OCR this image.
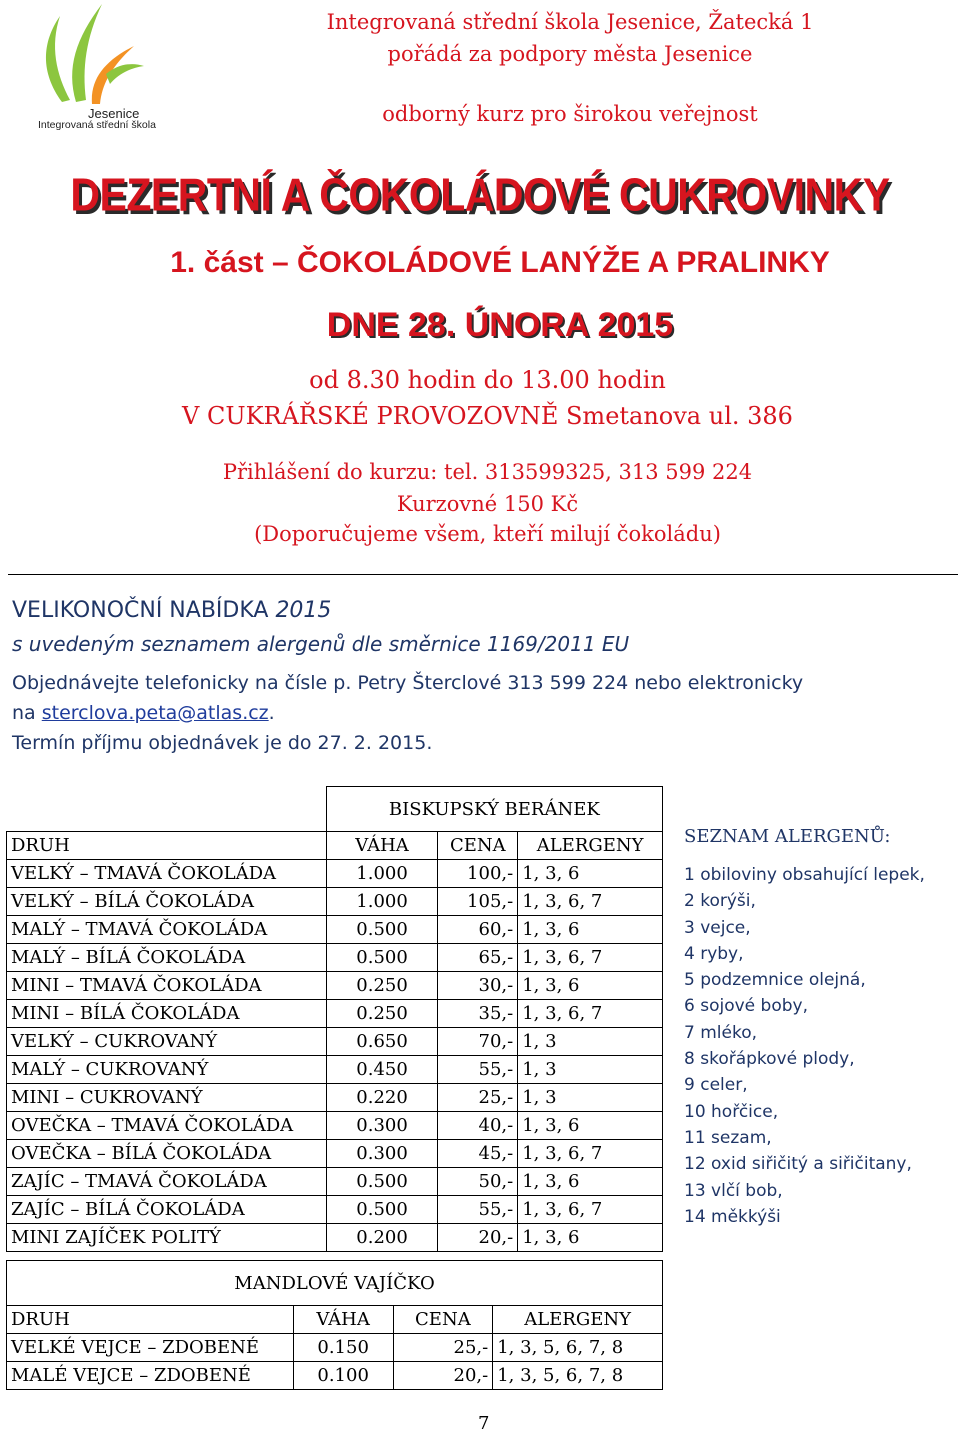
Jesenice
Integrovaná střední škola
Integrovaná střední škola Jesenice, Žatecká 1
pořádá za podpory města Jesenice
odborný kurz pro širokou veřejnost
DEZERTNÍ A ČOKOLÁDOVÉ CUKROVINKY
1. část – ČOKOLÁDOVÉ LANÝŽE A PRALINKY
DNE 28. ÚNORA 2015
od 8.30 hodin do 13.00 hodin
V CUKRÁŘSKÉ PROVOZOVNĚ Smetanova ul. 386
Přihlášení do kurzu: tel. 313599325, 313 599 224
Kurzovné 150 Kč
(Doporučujeme všem, kteří milují čokoládu)
VELIKONOČNÍ NABÍDKA 2015
s uvedeným seznamem alergenů dle směrnice 1169/2011 EU
Objednávejte telefonicky na čísle p. Petry Šterclové 313 599 224 nebo elektronicky
na sterclova.peta@atlas.cz.
Termín příjmu objednávek je do 27. 2. 2015.
	BISKUPSKÝ BERÁNEK		
DRUH	VÁHA	CENA	ALERGENY
VELKÝ – TMAVÁ ČOKOLÁDA	1.000	100,-	1, 3, 6
VELKÝ – BÍLÁ ČOKOLÁDA	1.000	105,-	1, 3, 6, 7
MALÝ – TMAVÁ ČOKOLÁDA	0.500	60,-	1, 3, 6
MALÝ – BÍLÁ ČOKOLÁDA	0.500	65,-	1, 3, 6, 7
MINI – TMAVÁ ČOKOLÁDA	0.250	30,-	1, 3, 6
MINI – BÍLÁ ČOKOLÁDA	0.250	35,-	1, 3, 6, 7
VELKÝ – CUKROVANÝ	0.650	70,-	1, 3
MALÝ – CUKROVANÝ	0.450	55,-	1, 3
MINI – CUKROVANÝ	0.220	25,-	1, 3
OVEČKA – TMAVÁ ČOKOLÁDA	0.300	40,-	1, 3, 6
OVEČKA – BÍLÁ ČOKOLÁDA	0.300	45,-	1, 3, 6, 7
ZAJÍC – TMAVÁ ČOKOLÁDA	0.500	50,-	1, 3, 6
ZAJÍC – BÍLÁ ČOKOLÁDA	0.500	55,-	1, 3, 6, 7
MINI ZAJÍČEK POLITÝ	0.200	20,-	1, 3, 6
SEZNAM ALERGENŮ:
1 obiloviny obsahující lepek,
2 korýši,
3 vejce,
4 ryby,
5 podzemnice olejná,
6 sojové boby,
7 mléko,
8 skořápkové plody,
9 celer,
10 hořčice,
11 sezam,
12 oxid siřičitý a siřičitany,
13 vlčí bob,
14 měkkýši
MANDLOVÉ VAJÍČKO			
DRUH	VÁHA	CENA	ALERGENY
VELKÉ VEJCE – ZDOBENÉ	0.150	25,-	1, 3, 5, 6, 7, 8
MALÉ VEJCE – ZDOBENÉ	0.100	20,-	1, 3, 5, 6, 7, 8
7
